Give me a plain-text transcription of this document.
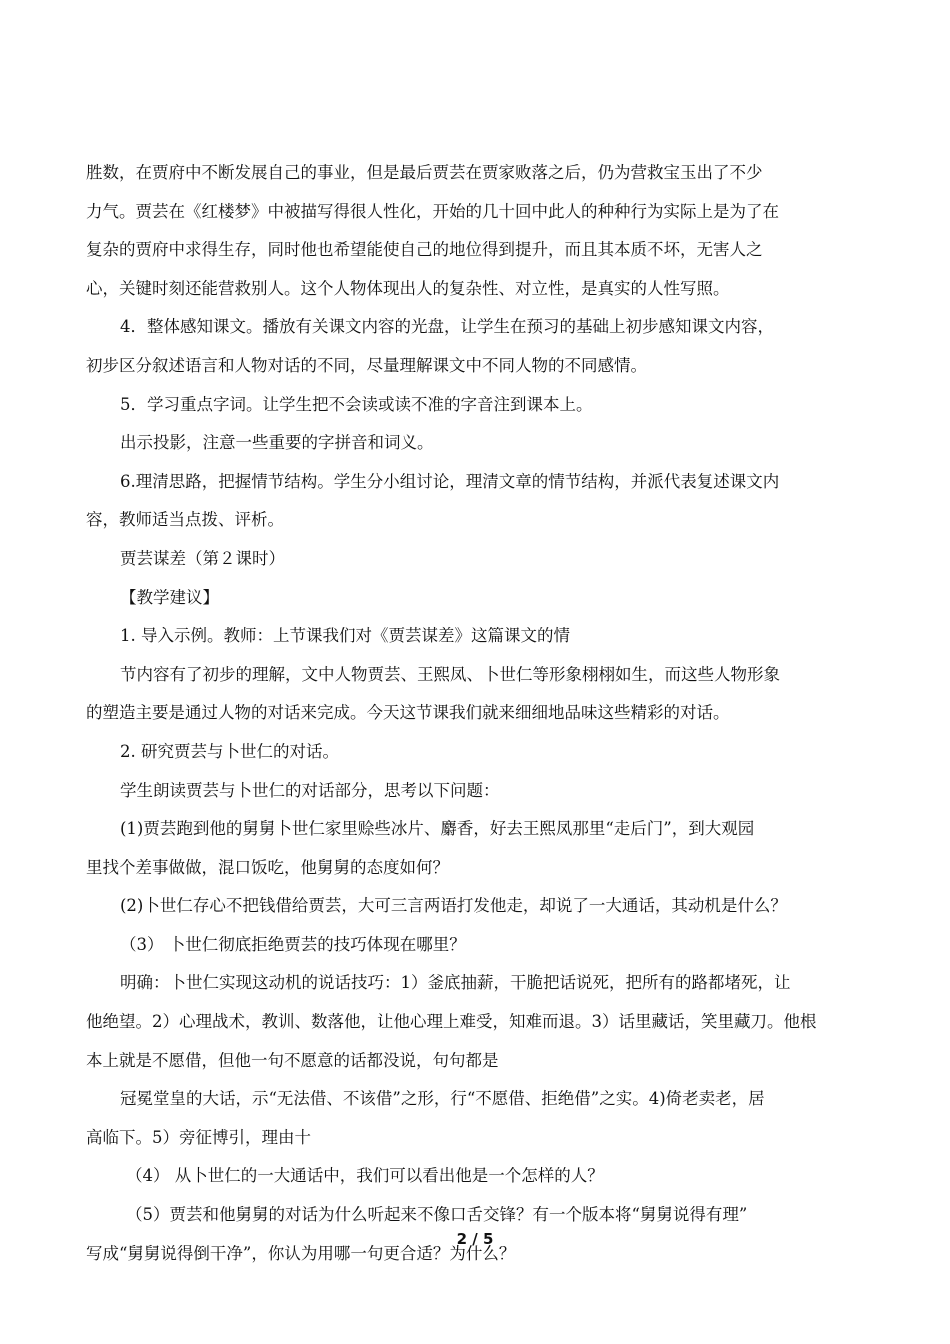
胜数，在贾府中不断发展自己的事业，但是最后贾芸在贾家败落之后，仍为营救宝玉出了不少
力气。贾芸在《红楼梦》中被描写得很人性化，开始的几十回中此人的种种行为实际上是为了在
复杂的贾府中求得生存，同时他也希望能使自己的地位得到提升，而且其本质不坏，无害人之
心，关键时刻还能营救别人。这个人物体现出人的复杂性、对立性，是真实的人性写照。
4．整体感知课文。播放有关课文内容的光盘，让学生在预习的基础上初步感知课文内容，
初步区分叙述语言和人物对话的不同，尽量理解课文中不同人物的不同感情。
5．学习重点字词。让学生把不会读或读不准的字音注到课本上。
出示投影，注意一些重要的字拼音和词义。
6.理清思路，把握情节结构。学生分小组讨论，理清文章的情节结构，并派代表复述课文内
容，教师适当点拨、评析。
贾芸谋差（第２课时）
【教学建议】
1. 导入示例。教师：上节课我们对《贾芸谋差》这篇课文的情
节内容有了初步的理解，文中人物贾芸、王熙凤、卜世仁等形象栩栩如生，而这些人物形象
的塑造主要是通过人物的对话来完成。今天这节课我们就来细细地品味这些精彩的对话。
2. 研究贾芸与卜世仁的对话。
学生朗读贾芸与卜世仁的对话部分，思考以下问题：
(1)贾芸跑到他的舅舅卜世仁家里赊些冰片、麝香，好去王熙凤那里“走后门”，到大观园
里找个差事做做，混口饭吃，他舅舅的态度如何？
(2)卜世仁存心不把钱借给贾芸，大可三言两语打发他走，却说了一大通话，其动机是什么？
（3） 卜世仁彻底拒绝贾芸的技巧体现在哪里？
明确：卜世仁实现这动机的说话技巧：1）釜底抽薪，干脆把话说死，把所有的路都堵死，让
他绝望。2）心理战术，教训、数落他，让他心理上难受，知难而退。3）话里藏话，笑里藏刀。他根
本上就是不愿借，但他一句不愿意的话都没说，句句都是
冠冕堂皇的大话，示“无法借、不该借”之形，行“不愿借、拒绝借”之实。4)倚老卖老，居
高临下。5）旁征博引，理由十
（4） 从卜世仁的一大通话中，我们可以看出他是一个怎样的人？
（5）贾芸和他舅舅的对话为什么听起来不像口舌交锋？有一个版本将“舅舅说得有理”
写成“舅舅说得倒干净”，你认为用哪一句更合适？为什么？
2 / 5
